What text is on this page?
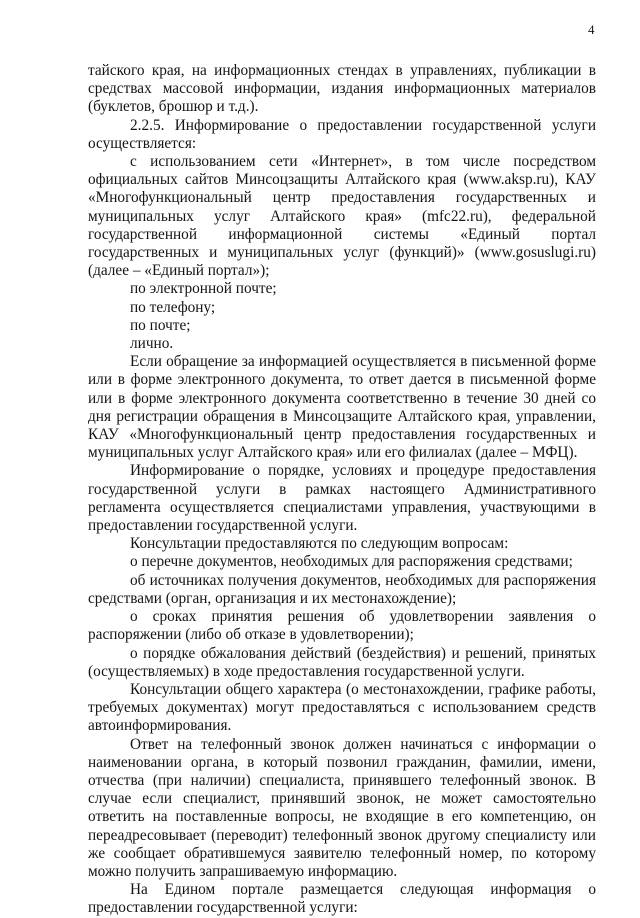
4

тайского края, на информационных стендах в управлениях, публикации в средствах массовой информации, издания информационных материалов (буклетов, брошюр и т.д.).

2.2.5. Информирование о предоставлении государственной услуги осуществляется:

с использованием сети «Интернет», в том числе посредством официальных сайтов Минсоцзащиты Алтайского края (www.aksp.ru), КАУ «Многофункциональный центр предоставления государственных и муниципальных услуг Алтайского края» (mfc22.ru), федеральной государственной информационной системы «Единый портал государственных и муниципальных услуг (функций)» (www.gosuslugi.ru) (далее – «Единый портал»);

по электронной почте;

по телефону;

по почте;

лично.

Если обращение за информацией осуществляется в письменной форме или в форме электронного документа, то ответ дается в письменной форме или в форме электронного документа соответственно в течение 30 дней со дня регистрации обращения в Минсоцзащите Алтайского края, управлении, КАУ «Многофункциональный центр предоставления государственных и муниципальных услуг Алтайского края» или его филиалах (далее – МФЦ).

Информирование о порядке, условиях и процедуре предоставления государственной услуги в рамках настоящего Административного регламента осуществляется специалистами управления, участвующими в предоставлении государственной услуги.

Консультации предоставляются по следующим вопросам:

о перечне документов, необходимых для распоряжения средствами;

об источниках получения документов, необходимых для распоряжения средствами (орган, организация и их местонахождение);

о сроках принятия решения об удовлетворении заявления о распоряжении (либо об отказе в удовлетворении);

о порядке обжалования действий (бездействия) и решений, принятых (осуществляемых) в ходе предоставления государственной услуги.

Консультации общего характера (о местонахождении, графике работы, требуемых документах) могут предоставляться с использованием средств автоинформирования.

Ответ на телефонный звонок должен начинаться с информации о наименовании органа, в который позвонил гражданин, фамилии, имени, отчества (при наличии) специалиста, принявшего телефонный звонок. В случае если специалист, принявший звонок, не может самостоятельно ответить на поставленные вопросы, не входящие в его компетенцию, он переадресовывает (переводит) телефонный звонок другому специалисту или же сообщает обратившемуся заявителю телефонный номер, по которому можно получить запрашиваемую информацию.

На Едином портале размещается следующая информация о предоставлении государственной услуги:
